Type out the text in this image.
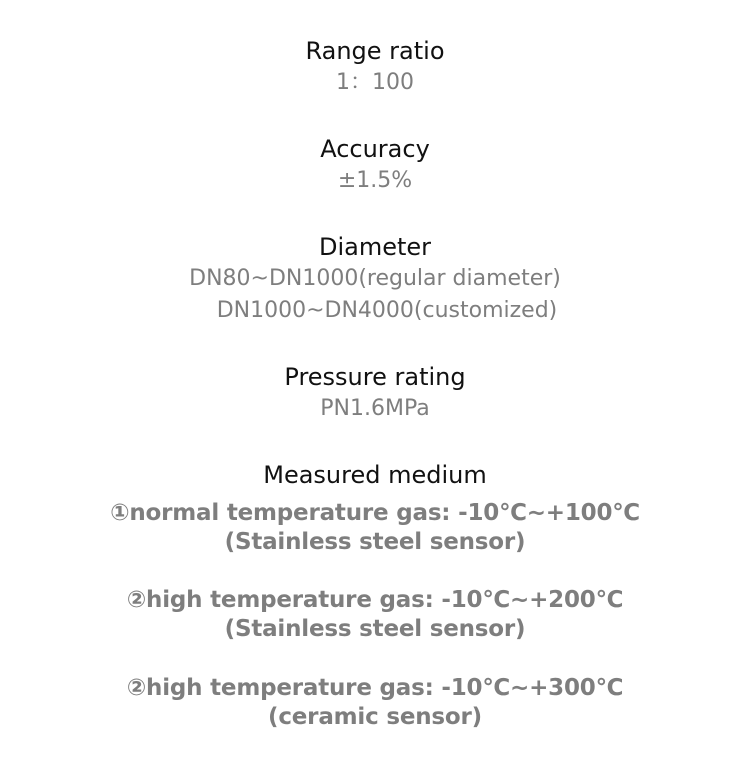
Range ratio
1：100
Accuracy
±1.5%
Diameter
DN80~DN1000(regular diameter)
DN1000~DN4000(customized)
Pressure rating
PN1.6MPa
Measured medium
①normal temperature gas: -10℃~+100℃
(Stainless steel sensor)
②high temperature gas: -10℃~+200℃
(Stainless steel sensor)
②high temperature gas: -10℃~+300℃
(ceramic sensor)
